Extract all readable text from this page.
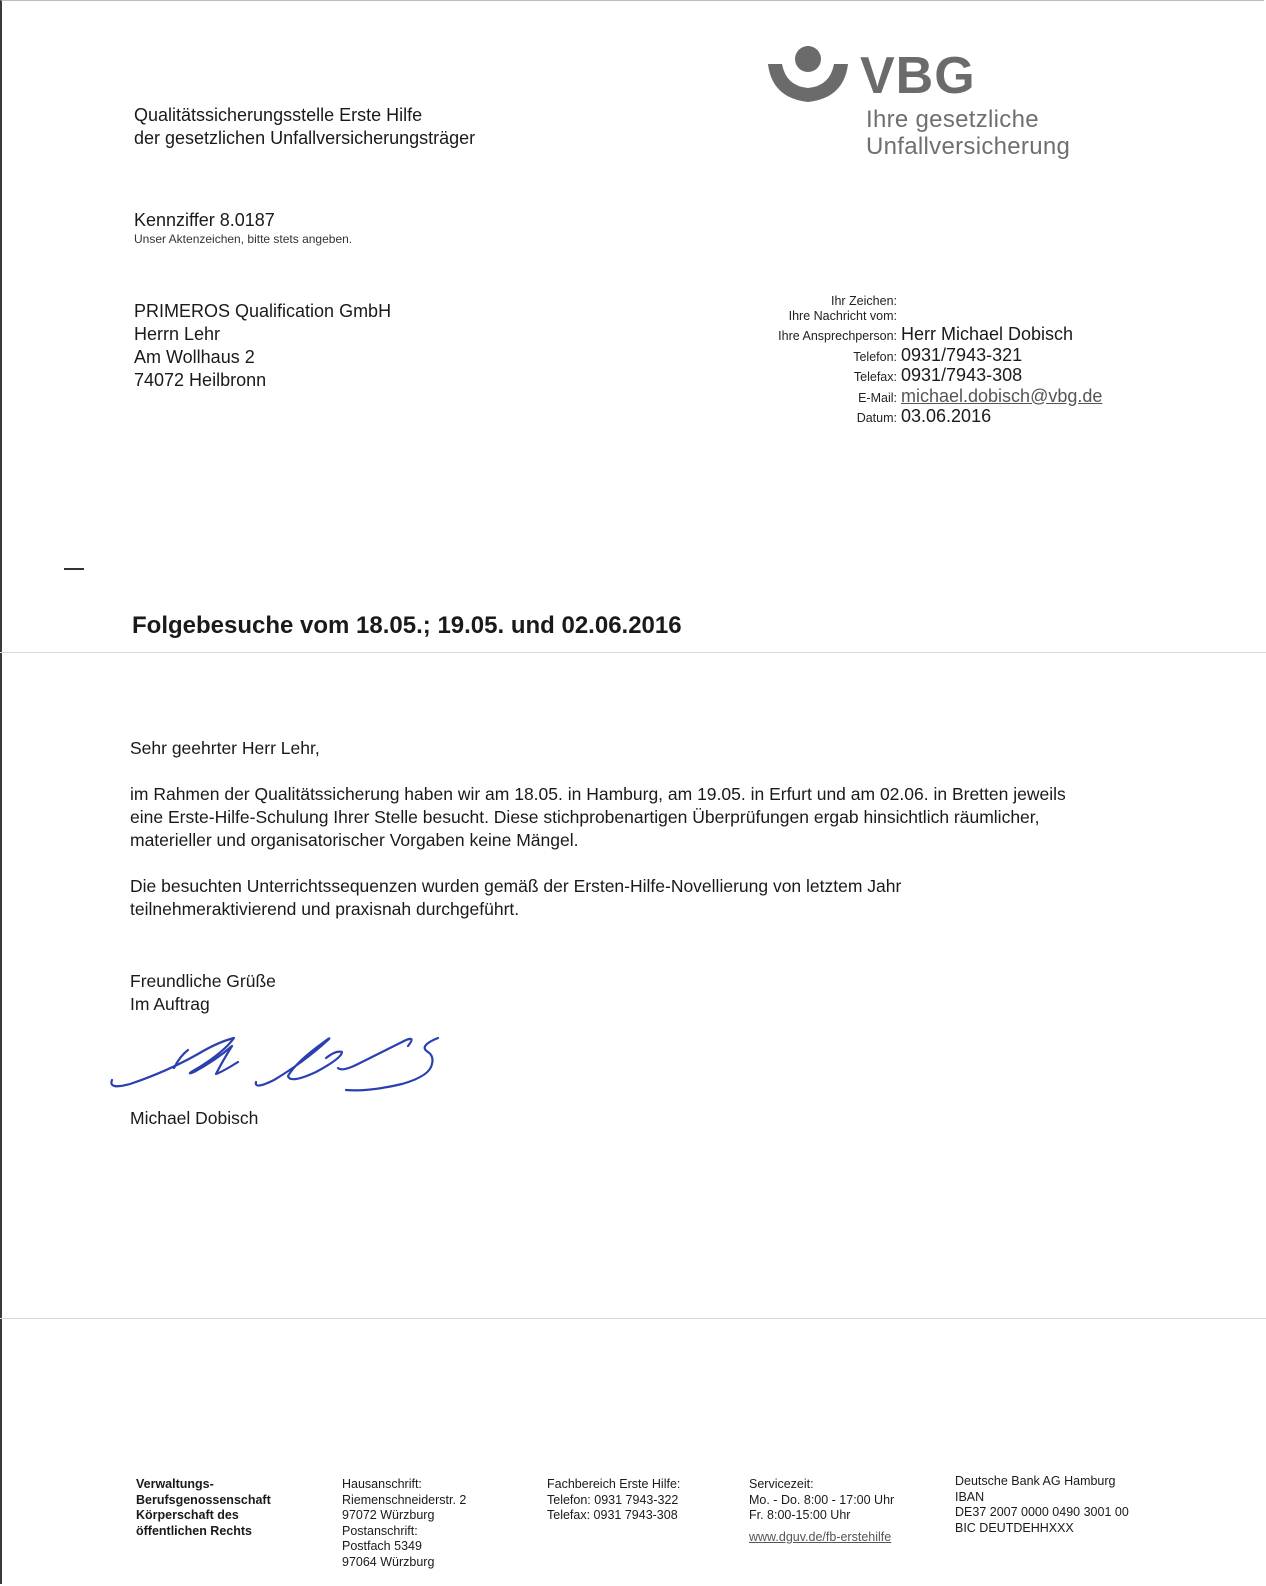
Qualitätssicherungsstelle Erste Hilfe
der gesetzlichen Unfallversicherungsträger
VBG
Ihre gesetzliche
Unfallversicherung
Kennziffer 8.0187
Unser Aktenzeichen, bitte stets angeben.
PRIMEROS Qualification GmbH
Herrn Lehr
Am Wollhaus 2
74072 Heilbronn
Ihr Zeichen:
Ihre Nachricht vom:
Ihre Ansprechperson: Herr Michael Dobisch
Telefon: 0931/7943-321
Telefax: 0931/7943-308
E-Mail: michael.dobisch@vbg.de
Datum: 03.06.2016
Folgebesuche vom 18.05.; 19.05. und 02.06.2016

Sehr geehrter Herr Lehr,

im Rahmen der Qualitätssicherung haben wir am 18.05. in Hamburg, am 19.05. in Erfurt und am 02.06. in Bretten jeweils
eine Erste-Hilfe-Schulung Ihrer Stelle besucht. Diese stichprobenartigen Überprüfungen ergab hinsichtlich räumlicher,
materieller und organisatorischer Vorgaben keine Mängel.

Die besuchten Unterrichtssequenzen wurden gemäß der Ersten-Hilfe-Novellierung von letztem Jahr
teilnehmeraktivierend und praxisnah durchgeführt.

Freundliche Grüße
Im Auftrag
Michael Dobisch
Verwaltungs-
Berufsgenossenschaft
Körperschaft des
öffentlichen Rechts
Hausanschrift:
Riemenschneiderstr. 2
97072 Würzburg
Postanschrift:
Postfach 5349
97064 Würzburg
Fachbereich Erste Hilfe:
Telefon: 0931 7943-322
Telefax: 0931 7943-308
Servicezeit:
Mo. - Do. 8:00 - 17:00 Uhr
Fr. 8:00-15:00 Uhr
www.dguv.de/fb-erstehilfe
Deutsche Bank AG Hamburg
IBAN
DE37 2007 0000 0490 3001 00
BIC DEUTDEHHXXX
